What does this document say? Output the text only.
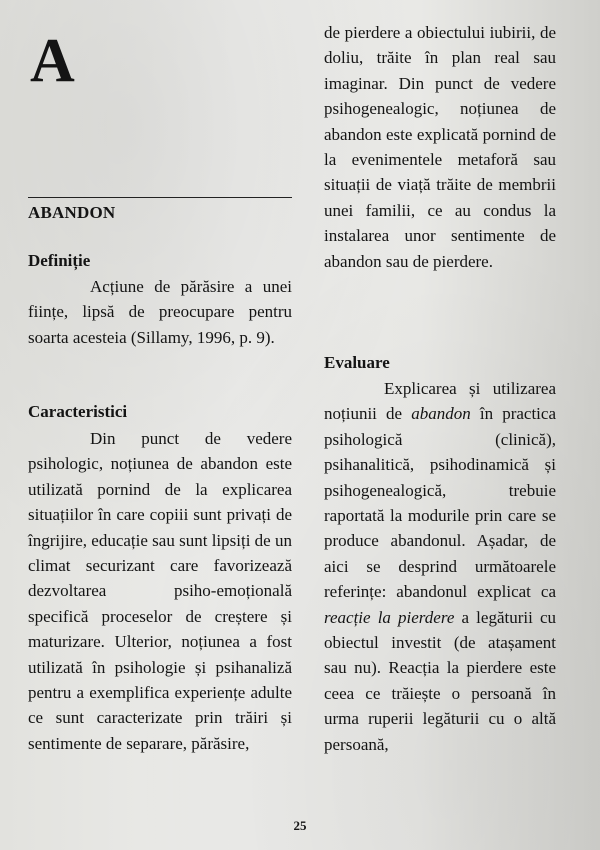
A
ABANDON
Definiție

Acțiune de părăsire a unei ființe, lipsă de preocupare pentru soarta acesteia (Sillamy, 1996, p. 9).

Caracteristici

Din punct de vedere psihologic, noțiunea de abandon este utilizată pornind de la explicarea situațiilor în care copiii sunt privați de îngrijire, educație sau sunt lipsiți de un climat securizant care favorizează dezvoltarea psiho-emoțională specifică proceselor de creștere și maturizare. Ulterior, noțiunea a fost utilizată în psihologie și psihanaliză pentru a exemplifica experiențe adulte ce sunt caracterizate prin trăiri și sentimente de separare, părăsire,

de pierdere a obiectului iubirii, de doliu, trăite în plan real sau imaginar. Din punct de vedere psihogenealogic, noțiunea de abandon este explicată pornind de la evenimentele metaforă sau situații de viață trăite de membrii unei familii, ce au condus la instalarea unor sentimente de abandon sau de pierdere.

Evaluare

Explicarea și utilizarea noțiunii de abandon în practica psihologică (clinică), psihanalitică, psihodinamică și psihogenealogică, trebuie raportată la modurile prin care se produce abandonul. Așadar, de aici se desprind următoarele referințe: abandonul explicat ca reacție la pierdere a legăturii cu obiectul investit (de atașament sau nu). Reacția la pierdere este ceea ce trăiește o persoană în urma ruperii legăturii cu o altă persoană,

25
